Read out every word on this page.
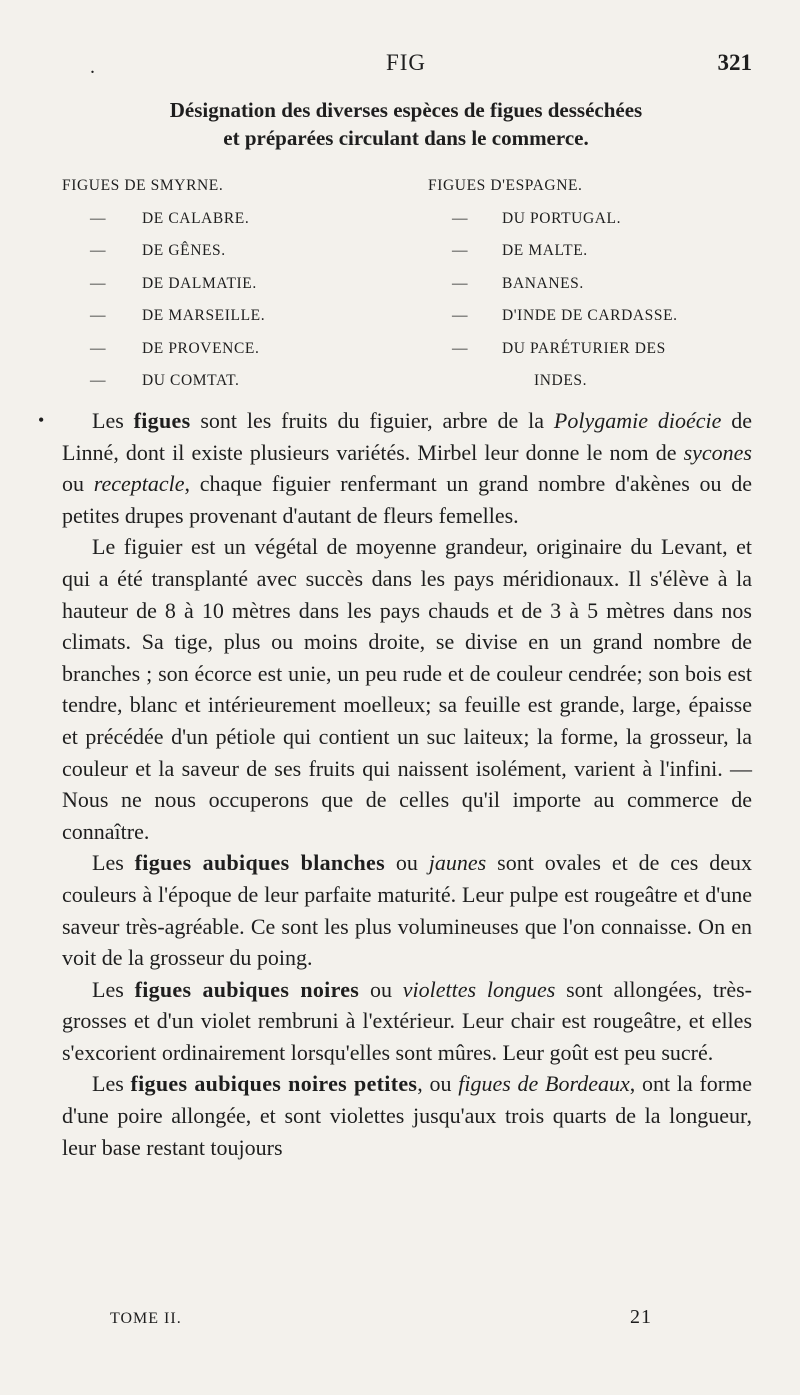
.	FIG	321
Désignation des diverses espèces de figues desséchées
et préparées circulant dans le commerce.
FIGUES DE SMYRNE.
— DE CALABRE.
— DE GÊNES.
— DE DALMATIE.
— DE MARSEILLE.
— DE PROVENCE.
— DU COMTAT.
FIGUES D'ESPAGNE.
— DU PORTUGAL.
— DE MALTE.
— BANANES.
— D'INDE DE CARDASSE.
— DU PARÉTURIER DES
INDES.
•	Les figues sont les fruits du figuier, arbre de la Polygamie dioécie de Linné, dont il existe plusieurs variétés. Mirbel leur donne le nom de sycones ou receptacle, chaque figuier renfermant un grand nombre d'akènes ou de petites drupes provenant d'autant de fleurs femelles.

Le figuier est un végétal de moyenne grandeur, originaire du Levant, et qui a été transplanté avec succès dans les pays méridionaux. Il s'élève à la hauteur de 8 à 10 mètres dans les pays chauds et de 3 à 5 mètres dans nos climats. Sa tige, plus ou moins droite, se divise en un grand nombre de branches ; son écorce est unie, un peu rude et de couleur cendrée; son bois est tendre, blanc et intérieurement moelleux; sa feuille est grande, large, épaisse et précédée d'un pétiole qui contient un suc laiteux; la forme, la grosseur, la couleur et la saveur de ses fruits qui naissent isolément, varient à l'infini. — Nous ne nous occuperons que de celles qu'il importe au commerce de connaître.

Les figues aubiques blanches ou jaunes sont ovales et de ces deux couleurs à l'époque de leur parfaite maturité. Leur pulpe est rougeâtre et d'une saveur très-agréable. Ce sont les plus volumineuses que l'on connaisse. On en voit de la grosseur du poing.

Les figues aubiques noires ou violettes longues sont allongées, très-grosses et d'un violet rembruni à l'extérieur. Leur chair est rougeâtre, et elles s'excorient ordinairement lorsqu'elles sont mûres. Leur goût est peu sucré.

Les figues aubiques noires petites, ou figues de Bordeaux, ont la forme d'une poire allongée, et sont violettes jusqu'aux trois quarts de la longueur, leur base restant toujours

TOME II.	21
